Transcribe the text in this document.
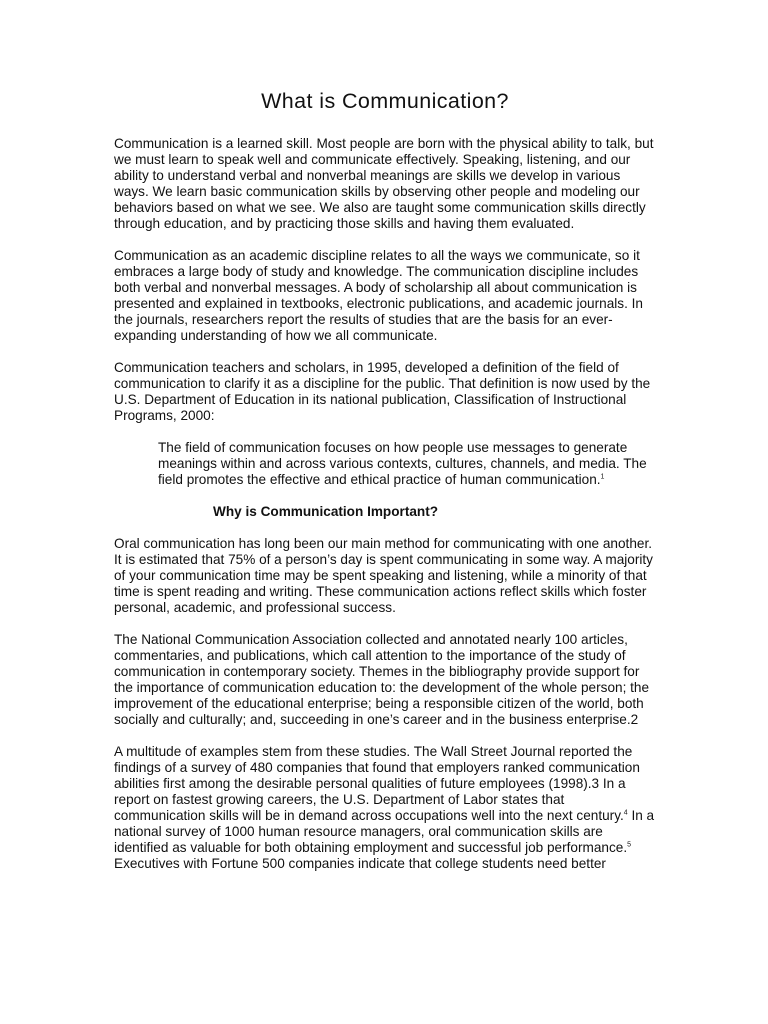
What is Communication?

Communication is a learned skill. Most people are born with the physical ability to talk, but we must learn to speak well and communicate effectively. Speaking, listening, and our ability to understand verbal and nonverbal meanings are skills we develop in various ways. We learn basic communication skills by observing other people and modeling our behaviors based on what we see. We also are taught some communication skills directly through education, and by practicing those skills and having them evaluated.

Communication as an academic discipline relates to all the ways we communicate, so it embraces a large body of study and knowledge. The communication discipline includes both verbal and nonverbal messages. A body of scholarship all about communication is presented and explained in textbooks, electronic publications, and academic journals. In the journals, researchers report the results of studies that are the basis for an ever-expanding understanding of how we all communicate.

Communication teachers and scholars, in 1995, developed a definition of the field of communication to clarify it as a discipline for the public. That definition is now used by the U.S. Department of Education in its national publication, Classification of Instructional Programs, 2000:

The field of communication focuses on how people use messages to generate meanings within and across various contexts, cultures, channels, and media. The field promotes the effective and ethical practice of human communication.$^1$

Why is Communication Important?

Oral communication has long been our main method for communicating with one another. It is estimated that 75% of a person’s day is spent communicating in some way. A majority of your communication time may be spent speaking and listening, while a minority of that time is spent reading and writing. These communication actions reflect skills which foster personal, academic, and professional success.

The National Communication Association collected and annotated nearly 100 articles, commentaries, and publications, which call attention to the importance of the study of communication in contemporary society. Themes in the bibliography provide support for the importance of communication education to: the development of the whole person; the improvement of the educational enterprise; being a responsible citizen of the world, both socially and culturally; and, succeeding in one’s career and in the business enterprise.2

A multitude of examples stem from these studies. The Wall Street Journal reported the findings of a survey of 480 companies that found that employers ranked communication abilities first among the desirable personal qualities of future employees (1998).3 In a report on fastest growing careers, the U.S. Department of Labor states that communication skills will be in demand across occupations well into the next century.$^4$ In a national survey of 1000 human resource managers, oral communication skills are identified as valuable for both obtaining employment and successful job performance.$^5$ Executives with Fortune 500 companies indicate that college students need better
